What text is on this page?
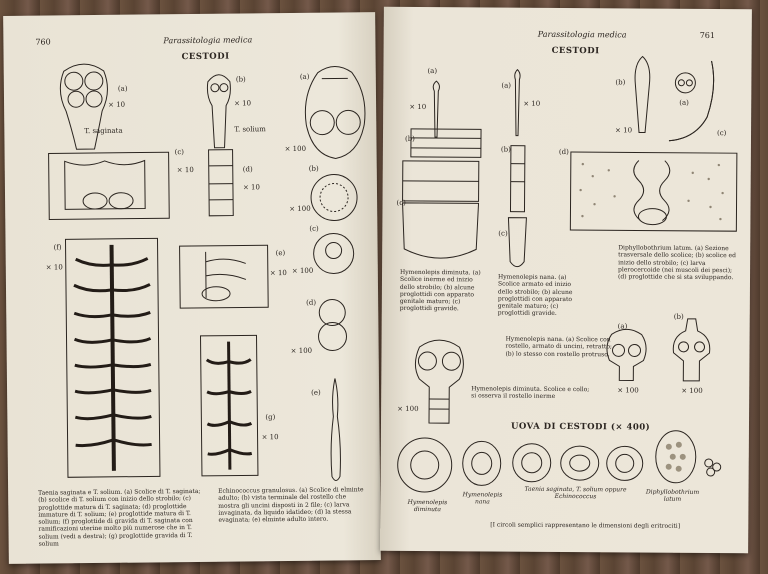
760	Parassitologia medica
CESTODI
(a)
× 10
T. saginata
(b)
× 10
T. solium
(c)
× 10	(d)
× 10
(f)
× 10
(e)
× 10
(g)
× 10
(a)
× 100
(b)
× 100
(c)
× 100
(d)
× 100
(e)
Taenia saginata e T. solium. (a) Scolice di T. saginata; (b) scolice di T. solium con inizio dello strobilo; (c) proglottide matura di T. saginata; (d) proglottide immature di T. solium; (e) proglottide matura di T. solium; (f) proglottide di gravida di T. saginata con ramificazioni uterine molto più numerose che in T. solium (vedi a destra); (g) proglottide gravida di T. solium
Echinococcus granulosus. (a) Scolice di elminte adulto; (b) vista terminale del rostello che mostra gli uncini disposti in 2 file; (c) larva invaginata, da liquido idatideo; (d) la stessa evaginata; (e) elminte adulto intero.
Parassitologia medica	761
CESTODI
(a)
× 10
(b)
(c)
Hymenolepis diminuta. (a) Scolice inerme ed inizio dello strobilo; (b) alcune proglottidi con apparato genitale maturo; (c) proglottidi gravide.
(a)
× 10
(b)
(c)
Hymenolepis nana. (a) Scolice armato ed inizio dello strobilo; (b) alcune proglottidi con apparato genitale maturo; (c) proglottidi gravide.
(b)
× 10
(a)
(c)
(d)
Diphyllobothrium latum. (a) Sezione trasversale dello scolice; (b) scolice ed inizio dello strobilo; (c) larva plerocercoide (nei muscoli dei pesci); (d) proglottide che si sta sviluppando.
Hymenolepis nana. (a) Scolice con rostello, armato di uncini, retratto; (b) lo stesso con rostello protruso.
(a)
× 100
(b)
× 100
× 100
Hymenolepis diminuta. Scolice e collo; si osserva il rostello inerme
UOVA DI CESTODI (× 400)
Hymenolepis diminuta
Hymenolepis nana
Taenia saginata, T. solium oppure Echinococcus
Diphyllobothrium latum
[I circoli semplici rappresentano le dimensioni degli eritrociti]
